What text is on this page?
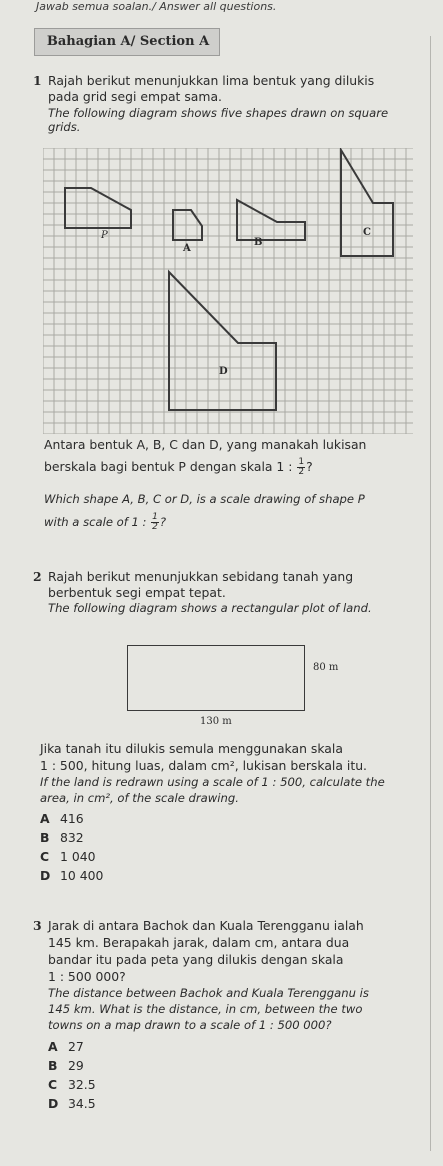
Jawab semua soalan./ Answer all questions.
Bahagian A/ Section A
1 Rajah berikut menunjukkan lima bentuk yang dilukis
pada grid segi empat sama.
The following diagram shows five shapes drawn on square
grids.
P
A
B
C
D
Antara bentuk A, B, C dan D, yang manakah lukisan
berskala bagi bentuk P dengan skala 1 : $\frac{1}{2}$ ?
Which shape A, B, C or D, is a scale drawing of shape P
with a scale of 1 : $\frac{1}{2}$ ?
2 Rajah berikut menunjukkan sebidang tanah yang
berbentuk segi empat tepat.
The following diagram shows a rectangular plot of land.
80 m
130 m
Jika tanah itu dilukis semula menggunakan skala
1 : 500, hitung luas, dalam cm², lukisan berskala itu.
If the land is redrawn using a scale of 1 : 500, calculate the
area, in cm², of the scale drawing.
A 416
B 832
C 1 040
D 10 400
3 Jarak di antara Bachok dan Kuala Terengganu ialah
145 km. Berapakah jarak, dalam cm, antara dua
bandar itu pada peta yang dilukis dengan skala
1 : 500 000?
The distance between Bachok and Kuala Terengganu is
145 km. What is the distance, in cm, between the two
towns on a map drawn to a scale of 1 : 500 000?
A 27
B 29
C 32.5
D 34.5
